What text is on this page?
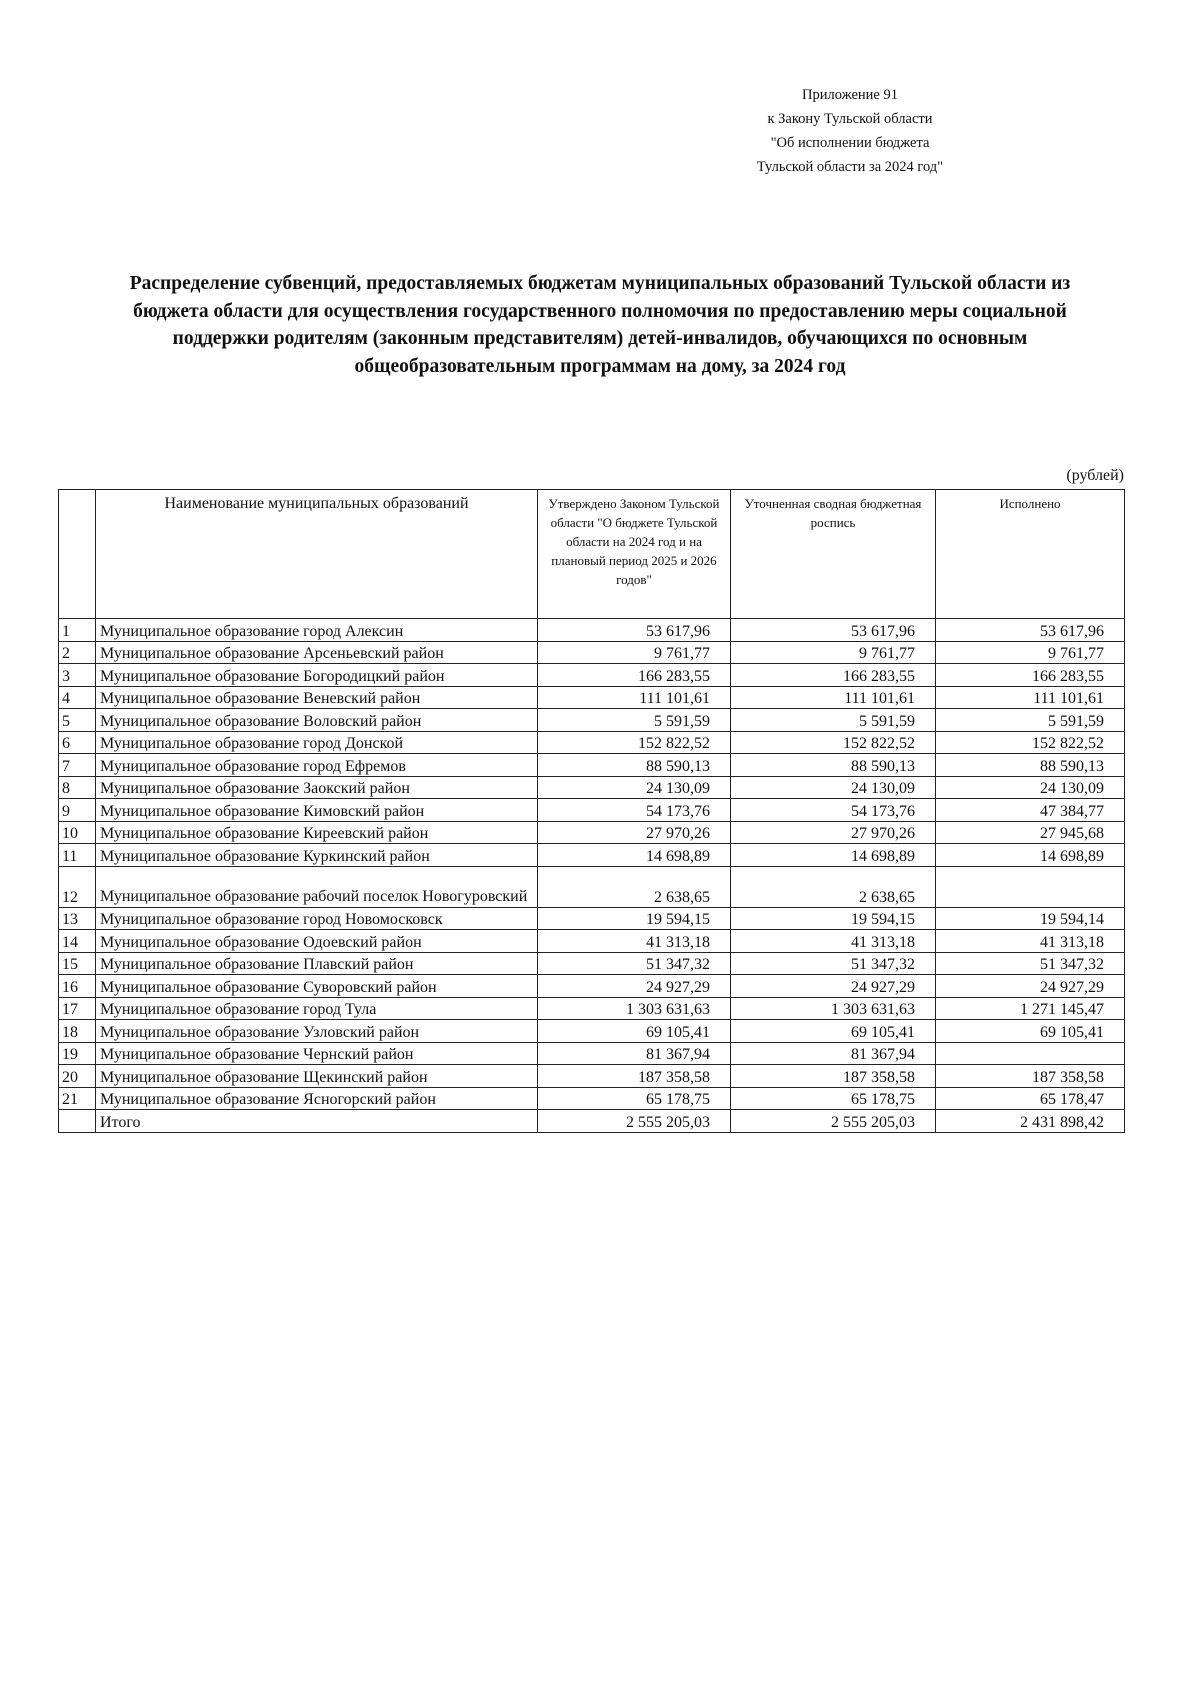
Приложение 91
к Закону Тульской области
"Об исполнении бюджета
Тульской области за 2024 год"
Распределение субвенций, предоставляемых бюджетам муниципальных образований Тульской области из
бюджета области для осуществления государственного полномочия по предоставлению меры социальной
поддержки родителям (законным представителям) детей-инвалидов, обучающихся по основным
общеобразовательным программам на дому, за 2024 год
(рублей)
	Наименование муниципальных образований	Утверждено Законом Тульской области "О бюджете Тульской области на 2024 год и на плановый период 2025 и 2026 годов"	Уточненная сводная бюджетная роспись	Исполнено
1	Муниципальное образование город Алексин	53 617,96	53 617,96	53 617,96
2	Муниципальное образование Арсеньевский район	9 761,77	9 761,77	9 761,77
3	Муниципальное образование Богородицкий район	166 283,55	166 283,55	166 283,55
4	Муниципальное образование Веневский район	111 101,61	111 101,61	111 101,61
5	Муниципальное образование Воловский район	5 591,59	5 591,59	5 591,59
6	Муниципальное образование город Донской	152 822,52	152 822,52	152 822,52
7	Муниципальное образование город Ефремов	88 590,13	88 590,13	88 590,13
8	Муниципальное образование Заокский район	24 130,09	24 130,09	24 130,09
9	Муниципальное образование Кимовский район	54 173,76	54 173,76	47 384,77
10	Муниципальное образование Киреевский район	27 970,26	27 970,26	27 945,68
11	Муниципальное образование Куркинский район	14 698,89	14 698,89	14 698,89
12	Муниципальное образование рабочий поселок Новогуровский	2 638,65	2 638,65	
13	Муниципальное образование город Новомосковск	19 594,15	19 594,15	19 594,14
14	Муниципальное образование Одоевский район	41 313,18	41 313,18	41 313,18
15	Муниципальное образование Плавский район	51 347,32	51 347,32	51 347,32
16	Муниципальное образование Суворовский район	24 927,29	24 927,29	24 927,29
17	Муниципальное образование город Тула	1 303 631,63	1 303 631,63	1 271 145,47
18	Муниципальное образование Узловский район	69 105,41	69 105,41	69 105,41
19	Муниципальное образование Чернский район	81 367,94	81 367,94	
20	Муниципальное образование Щекинский район	187 358,58	187 358,58	187 358,58
21	Муниципальное образование Ясногорский район	65 178,75	65 178,75	65 178,47
	Итого	2 555 205,03	2 555 205,03	2 431 898,42
